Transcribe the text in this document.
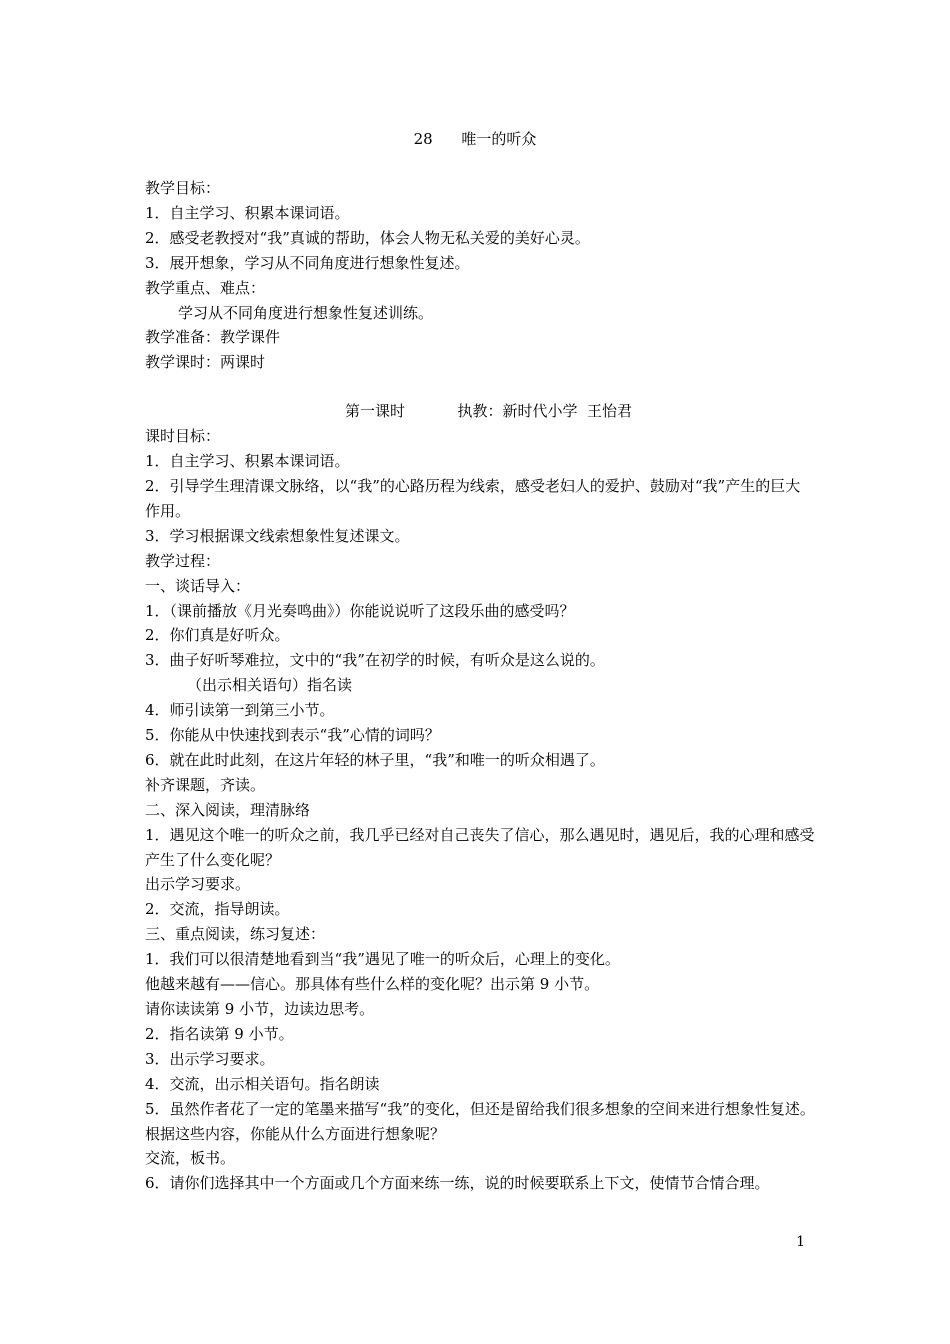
28 唯一的听众

教学目标：

1．自主学习、积累本课词语。

2．感受老教授对“我”真诚的帮助，体会人物无私关爱的美好心灵。

3．展开想象，学习从不同角度进行想象性复述。

教学重点、难点：

学习从不同角度进行想象性复述训练。

教学准备：教学课件

教学课时：两课时

第一课时	执教：新时代小学  王怡君

课时目标：

1．自主学习、积累本课词语。

2．引导学生理清课文脉络，以“我”的心路历程为线索，感受老妇人的爱护、鼓励对“我”产生的巨大作用。

3．学习根据课文线索想象性复述课文。

教学过程：

一、谈话导入：

1．（课前播放《月光奏鸣曲》）你能说说听了这段乐曲的感受吗？

2．你们真是好听众。

3．曲子好听琴难拉，文中的“我”在初学的时候，有听众是这么说的。

（出示相关语句）指名读

4．师引读第一到第三小节。

5．你能从中快速找到表示“我”心情的词吗？

6．就在此时此刻，在这片年轻的林子里，“我”和唯一的听众相遇了。

补齐课题，齐读。

二、深入阅读，理清脉络

1．遇见这个唯一的听众之前，我几乎已经对自己丧失了信心，那么遇见时，遇见后，我的心理和感受产生了什么变化呢？

出示学习要求。

2．交流，指导朗读。

三、重点阅读，练习复述：

1．我们可以很清楚地看到当“我”遇见了唯一的听众后，心理上的变化。

他越来越有——信心。那具体有些什么样的变化呢？出示第 9 小节。

请你读读第 9 小节，边读边思考。

2．指名读第 9 小节。

3．出示学习要求。

4．交流，出示相关语句。指名朗读

5．虽然作者花了一定的笔墨来描写“我”的变化，但还是留给我们很多想象的空间来进行想象性复述。根据这些内容，你能从什么方面进行想象呢？

交流，板书。

6．请你们选择其中一个方面或几个方面来练一练，说的时候要联系上下文，使情节合情合理。

1
